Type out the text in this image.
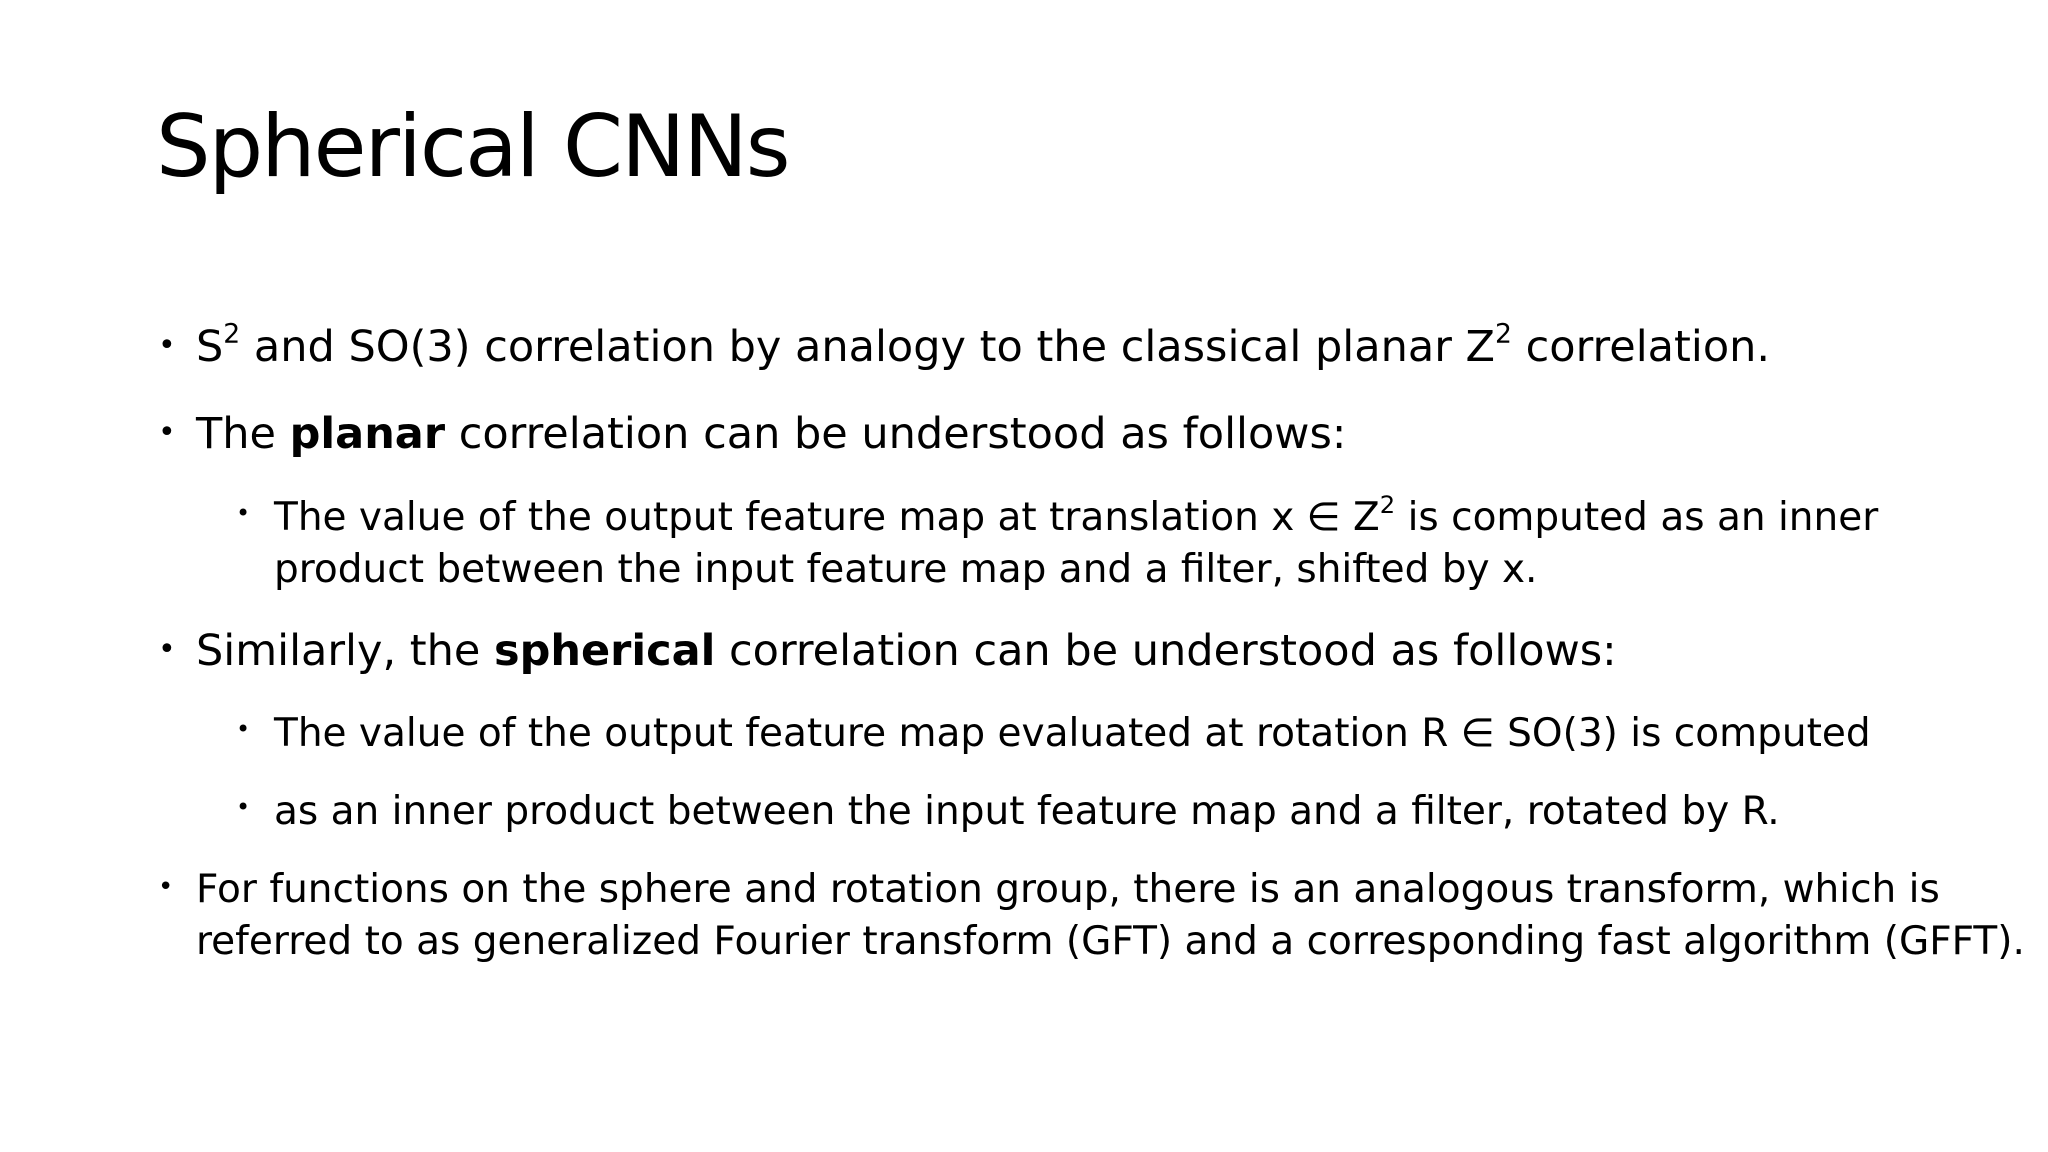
Spherical CNNs
• $S^2$ and SO(3) correlation by analogy to the classical planar $Z^2$ correlation.
• The planar correlation can be understood as follows:
• The value of the output feature map at translation x ∈ $Z^2$ is computed as an inner
product between the input feature map and a filter, shifted by x.
• Similarly, the spherical correlation can be understood as follows:
• The value of the output feature map evaluated at rotation R ∈ SO(3) is computed
• as an inner product between the input feature map and a filter, rotated by R.
• For functions on the sphere and rotation group, there is an analogous transform, which is
referred to as generalized Fourier transform (GFT) and a corresponding fast algorithm (GFFT).
